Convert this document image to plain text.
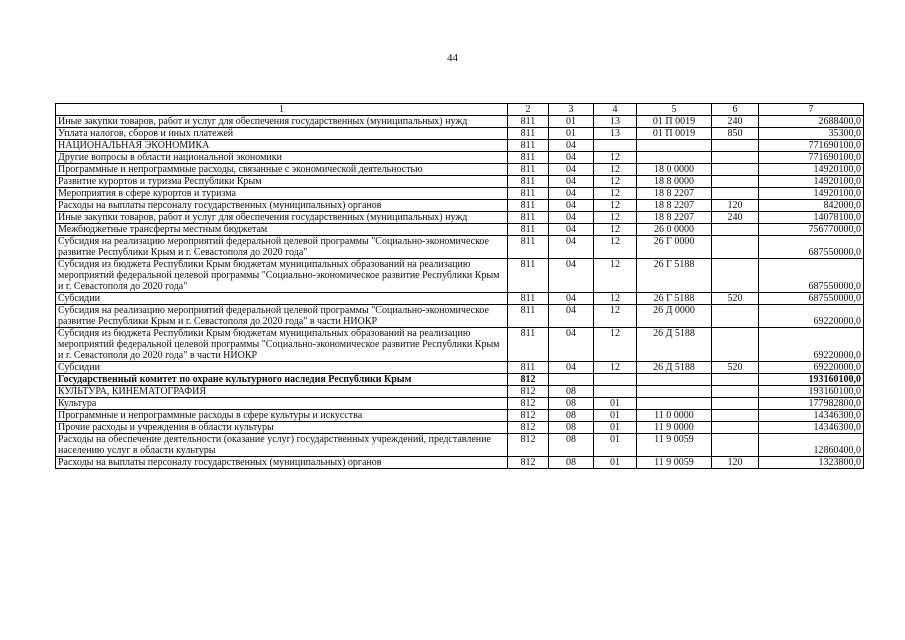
44
1	2	3	4	5	6	7
Иные закупки товаров, работ и услуг для обеспечения государственных (муниципальных) нужд	811	01	13	01 П 0019	240	2688400,0
Уплата налогов, сборов и иных платежей	811	01	13	01 П 0019	850	35300,0
НАЦИОНАЛЬНАЯ ЭКОНОМИКА	811	04				771690100,0
Другие вопросы в области национальной экономики	811	04	12			771690100,0
Программные и непрограммные расходы, связанные с экономической деятельностью	811	04	12	18 0 0000		14920100,0
Развитие курортов и туризма Республики Крым	811	04	12	18 8 0000		14920100,0
Мероприятия в сфере курортов и туризма	811	04	12	18 8 2207		14920100,0
Расходы на выплаты персоналу государственных (муниципальных) органов	811	04	12	18 8 2207	120	842000,0
Иные закупки товаров, работ и услуг для обеспечения государственных (муниципальных) нужд	811	04	12	18 8 2207	240	14078100,0
Межбюджетные трансферты местным бюджетам	811	04	12	26 0 0000		756770000,0
Субсидия на реализацию мероприятий федеральной целевой программы "Социально-экономическое развитие Республики Крым и г. Севастополя до 2020 года"	811	04	12	26 Г 0000		687550000,0
Субсидия из бюджета Республики Крым бюджетам муниципальных образований на реализацию мероприятий федеральной целевой программы "Социально-экономическое развитие Республики Крым и г. Севастополя до 2020 года"	811	04	12	26 Г 5188		687550000,0
Субсидии	811	04	12	26 Г 5188	520	687550000,0
Субсидия на реализацию мероприятий федеральной целевой программы "Социально-экономическое развитие Республики Крым и г. Севастополя до 2020 года" в части НИОКР	811	04	12	26 Д 0000		69220000,0
Субсидия из бюджета Республики Крым бюджетам муниципальных образований на реализацию мероприятий федеральной целевой программы "Социально-экономическое развитие Республики Крым и г. Севастополя до 2020 года" в части НИОКР	811	04	12	26 Д 5188		69220000,0
Субсидии	811	04	12	26 Д 5188	520	69220000,0
Государственный комитет по охране культурного наследия Республики Крым	812					193160100,0
КУЛЬТУРА, КИНЕМАТОГРАФИЯ	812	08				193160100,0
Культура	812	08	01			177982800,0
Программные и непрограммные расходы в сфере культуры и искусства	812	08	01	11 0 0000		14346300,0
Прочие расходы и учреждения в области культуры	812	08	01	11 9 0000		14346300,0
Расходы на обеспечение деятельности (оказание услуг) государственных учреждений, представление населению услуг в области культуры	812	08	01	11 9 0059		12860400,0
Расходы на выплаты персоналу государственных (муниципальных) органов	812	08	01	11 9 0059	120	1323800,0
